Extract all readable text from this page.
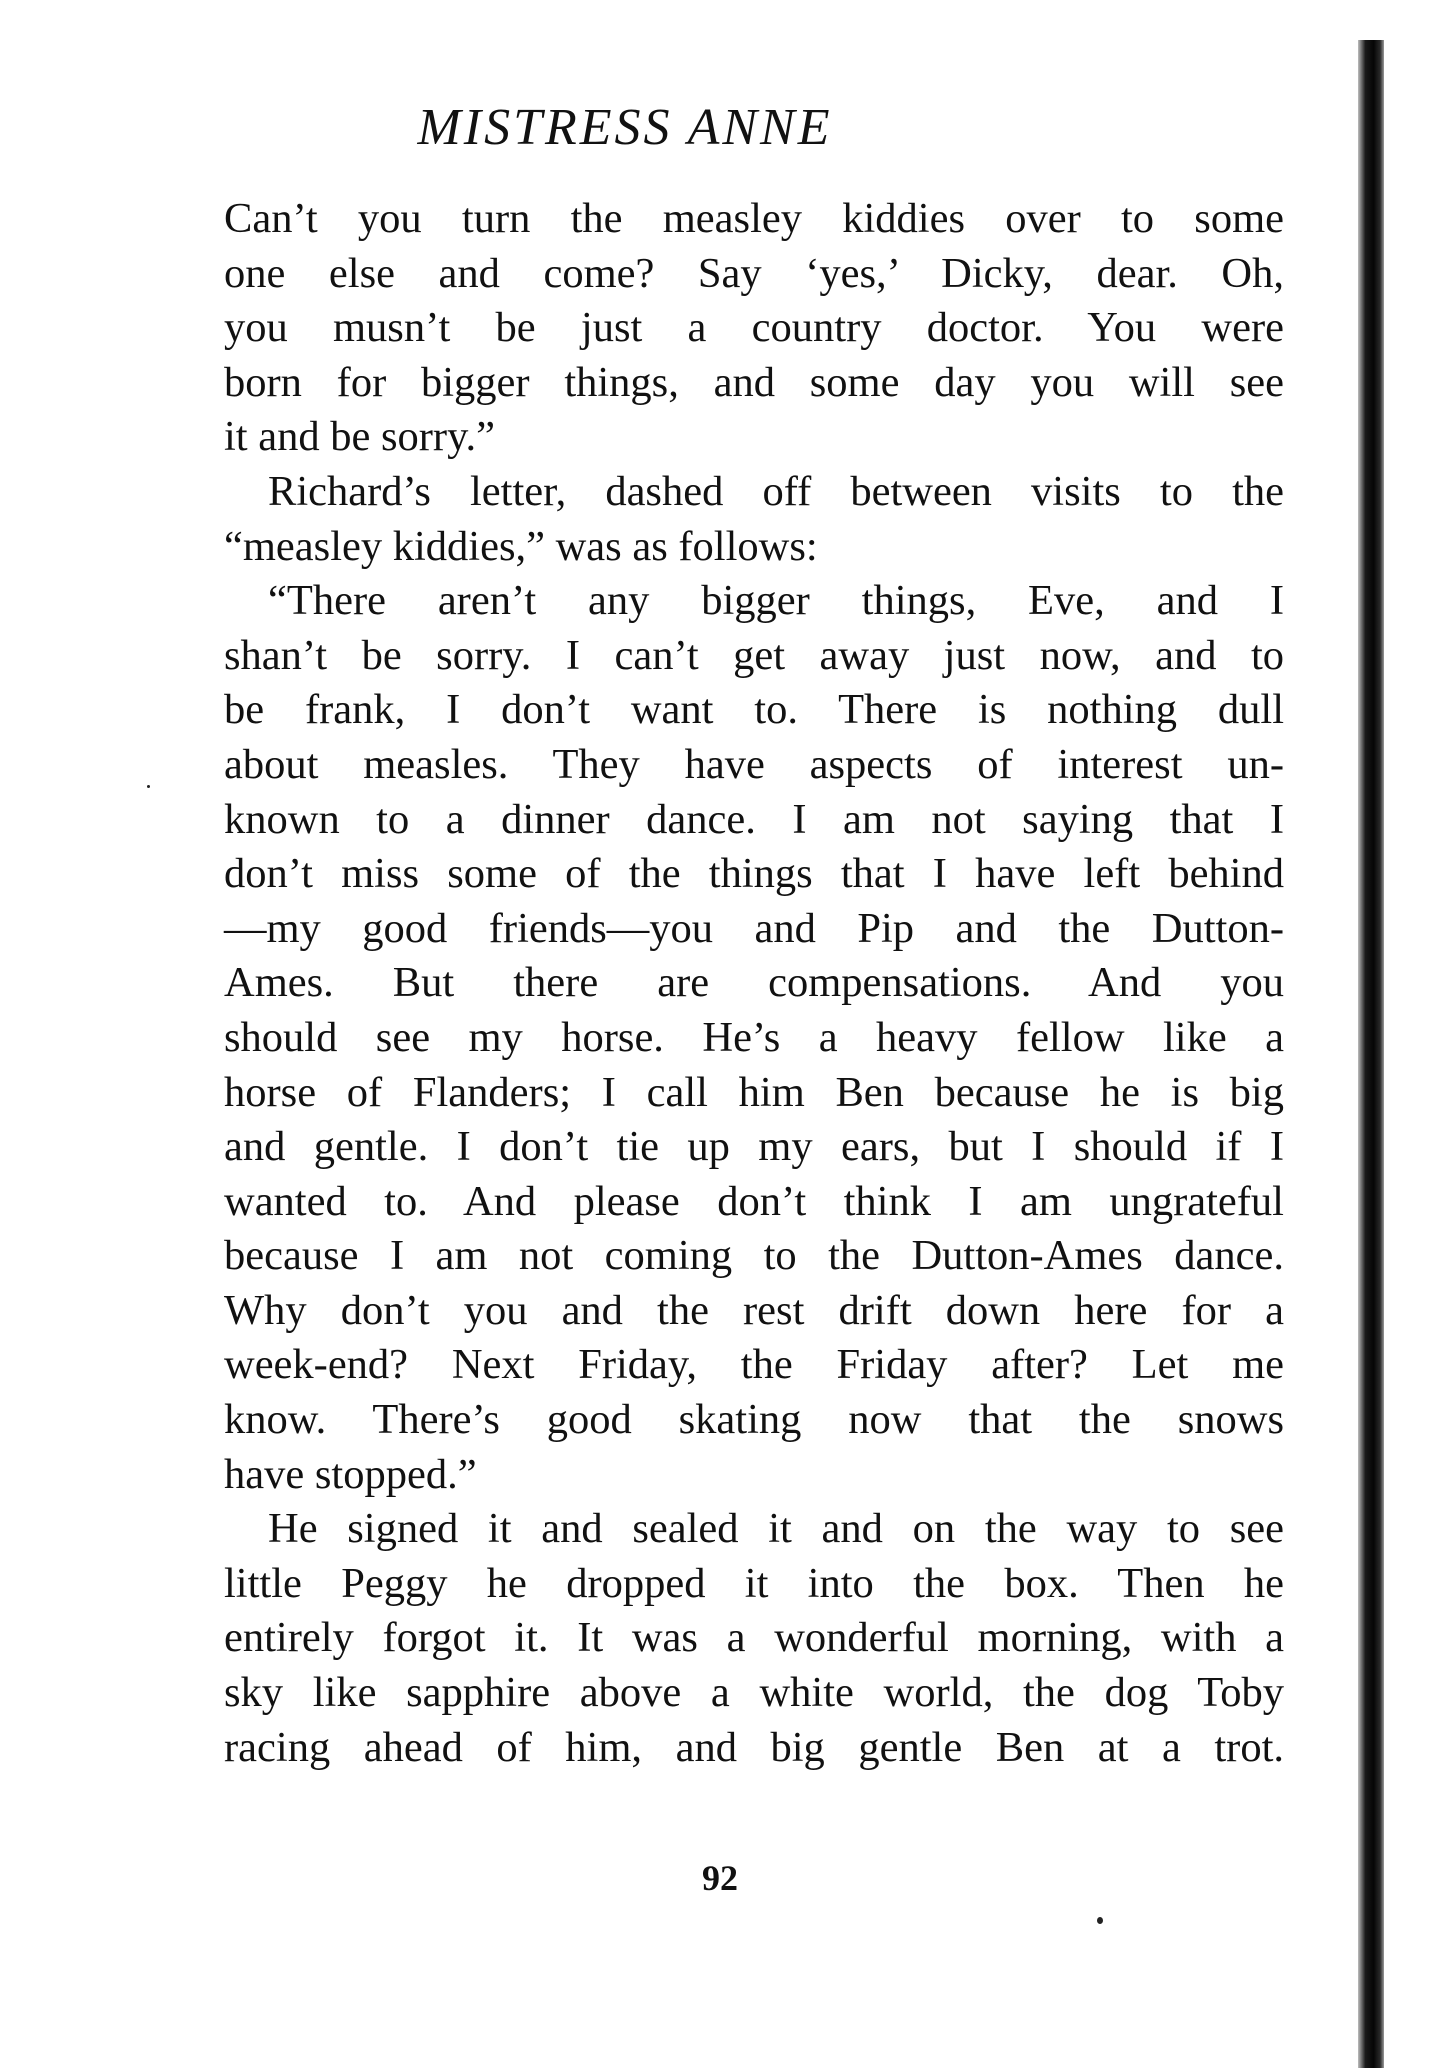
MISTRESS ANNE
Can’t you turn the measley kiddies over to some
one else and come? Say ‘yes,’ Dicky, dear. Oh,
you musn’t be just a country doctor. You were
born for bigger things, and some day you will see
it and be sorry.”
Richard’s letter, dashed off between visits to the
“measley kiddies,” was as follows:
“There aren’t any bigger things, Eve, and I
shan’t be sorry. I can’t get away just now, and to
be frank, I don’t want to. There is nothing dull
about measles. They have aspects of interest un-
known to a dinner dance. I am not saying that I
don’t miss some of the things that I have left behind
—my good friends—you and Pip and the Dutton-
Ames. But there are compensations. And you
should see my horse. He’s a heavy fellow like a
horse of Flanders; I call him Ben because he is big
and gentle. I don’t tie up my ears, but I should if I
wanted to. And please don’t think I am ungrateful
because I am not coming to the Dutton-Ames dance.
Why don’t you and the rest drift down here for a
week-end? Next Friday, the Friday after? Let me
know. There’s good skating now that the snows
have stopped.”
He signed it and sealed it and on the way to see
little Peggy he dropped it into the box. Then he
entirely forgot it. It was a wonderful morning, with a
sky like sapphire above a white world, the dog Toby
racing ahead of him, and big gentle Ben at a trot.
92
